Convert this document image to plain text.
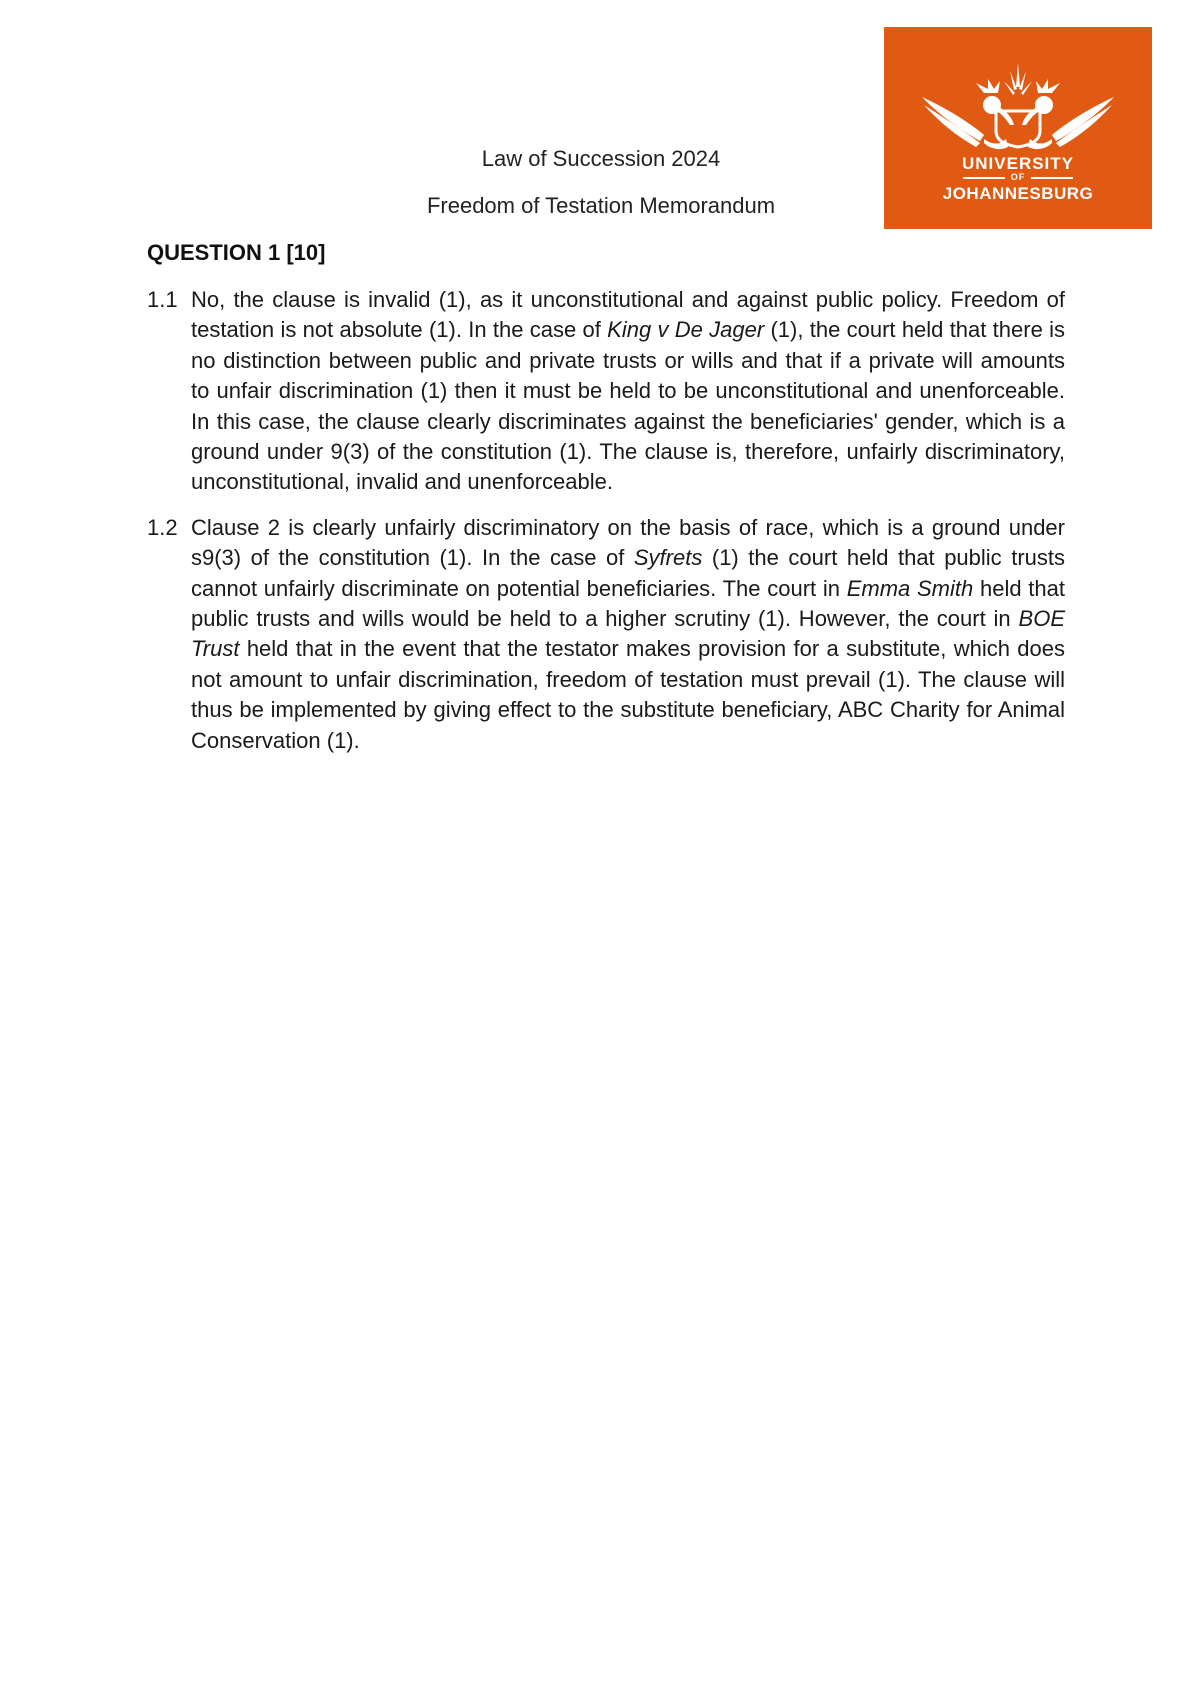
UNIVERSITY
OF
JOHANNESBURG
Law of Succession 2024
Freedom of Testation Memorandum
QUESTION 1 [10]
1.1 No, the clause is invalid (1), as it unconstitutional and against public policy. Freedom of testation is not absolute (1). In the case of King v De Jager (1), the court held that there is no distinction between public and private trusts or wills and that if a private will amounts to unfair discrimination (1) then it must be held to be unconstitutional and unenforceable. In this case, the clause clearly discriminates against the beneficiaries' gender, which is a ground under 9(3) of the constitution (1). The clause is, therefore, unfairly discriminatory, unconstitutional, invalid and unenforceable.
1.2 Clause 2 is clearly unfairly discriminatory on the basis of race, which is a ground under s9(3) of the constitution (1). In the case of Syfrets (1) the court held that public trusts cannot unfairly discriminate on potential beneficiaries. The court in Emma Smith held that public trusts and wills would be held to a higher scrutiny (1). However, the court in BOE Trust held that in the event that the testator makes provision for a substitute, which does not amount to unfair discrimination, freedom of testation must prevail (1). The clause will thus be implemented by giving effect to the substitute beneficiary, ABC Charity for Animal Conservation (1).
